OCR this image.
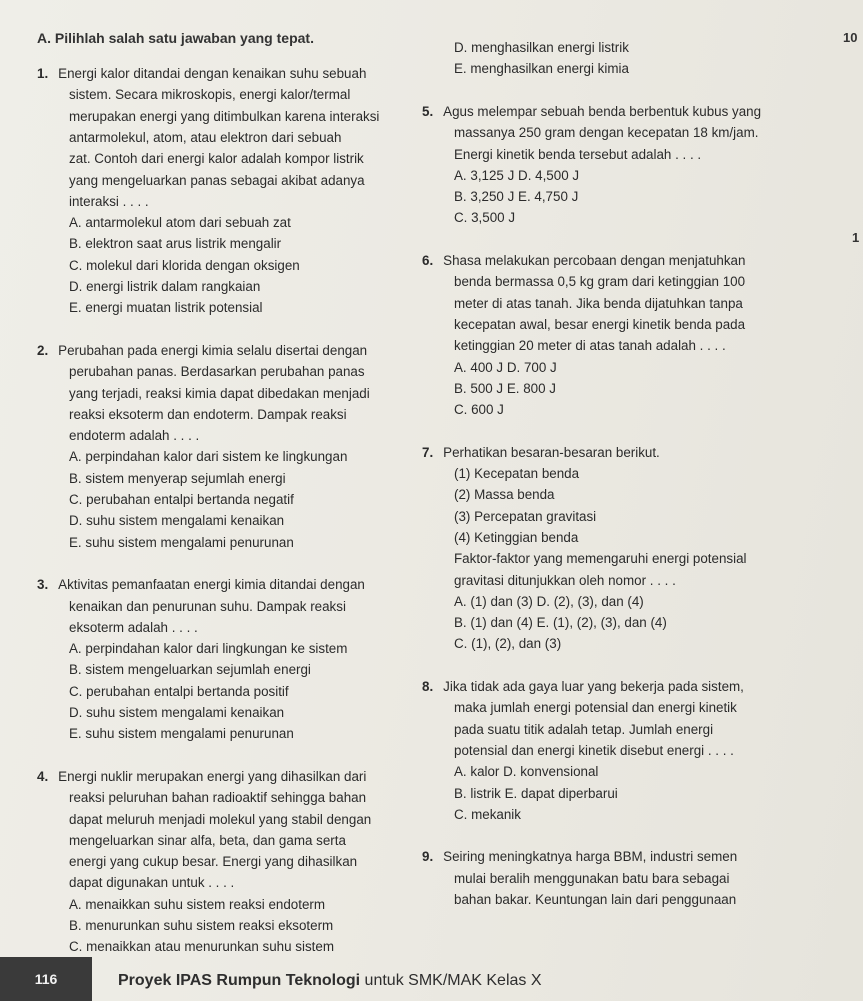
A. Pilihlah salah satu jawaban yang tepat.	10
1
1. Energi kalor ditandai dengan kenaikan suhu sebuah
sistem. Secara mikroskopis, energi kalor/termal
merupakan energi yang ditimbulkan karena interaksi
antarmolekul, atom, atau elektron dari sebuah
zat. Contoh dari energi kalor adalah kompor listrik
yang mengeluarkan panas sebagai akibat adanya
interaksi . . . .
A. antarmolekul atom dari sebuah zat
B. elektron saat arus listrik mengalir
C. molekul dari klorida dengan oksigen
D. energi listrik dalam rangkaian
E. energi muatan listrik potensial
2. Perubahan pada energi kimia selalu disertai dengan
perubahan panas. Berdasarkan perubahan panas
yang terjadi, reaksi kimia dapat dibedakan menjadi
reaksi eksoterm dan endoterm. Dampak reaksi
endoterm adalah . . . .
A. perpindahan kalor dari sistem ke lingkungan
B. sistem menyerap sejumlah energi
C. perubahan entalpi bertanda negatif
D. suhu sistem mengalami kenaikan
E. suhu sistem mengalami penurunan
3. Aktivitas pemanfaatan energi kimia ditandai dengan
kenaikan dan penurunan suhu. Dampak reaksi
eksoterm adalah . . . .
A. perpindahan kalor dari lingkungan ke sistem
B. sistem mengeluarkan sejumlah energi
C. perubahan entalpi bertanda positif
D. suhu sistem mengalami kenaikan
E. suhu sistem mengalami penurunan
4. Energi nuklir merupakan energi yang dihasilkan dari
reaksi peluruhan bahan radioaktif sehingga bahan
dapat meluruh menjadi molekul yang stabil dengan
mengeluarkan sinar alfa, beta, dan gama serta
energi yang cukup besar. Energi yang dihasilkan
dapat digunakan untuk . . . .
A. menaikkan suhu sistem reaksi endoterm
B. menurunkan suhu sistem reaksi eksoterm
C. menaikkan atau menurunkan suhu sistem
D. menghasilkan energi listrik
E. menghasilkan energi kimia
5. Agus melempar sebuah benda berbentuk kubus yang
massanya 250 gram dengan kecepatan 18 km/jam.
Energi kinetik benda tersebut adalah . . . .
A. 3,125 J D. 4,500 J
B. 3,250 J E. 4,750 J
C. 3,500 J
6. Shasa melakukan percobaan dengan menjatuhkan
benda bermassa 0,5 kg gram dari ketinggian 100
meter di atas tanah. Jika benda dijatuhkan tanpa
kecepatan awal, besar energi kinetik benda pada
ketinggian 20 meter di atas tanah adalah . . . .
A. 400 J D. 700 J
B. 500 J E. 800 J
C. 600 J
7. Perhatikan besaran-besaran berikut.
(1) Kecepatan benda
(2) Massa benda
(3) Percepatan gravitasi
(4) Ketinggian benda
Faktor-faktor yang memengaruhi energi potensial
gravitasi ditunjukkan oleh nomor . . . .
A. (1) dan (3) D. (2), (3), dan (4)
B. (1) dan (4) E. (1), (2), (3), dan (4)
C. (1), (2), dan (3)
8. Jika tidak ada gaya luar yang bekerja pada sistem,
maka jumlah energi potensial dan energi kinetik
pada suatu titik adalah tetap. Jumlah energi
potensial dan energi kinetik disebut energi . . . .
A. kalor D. konvensional
B. listrik E. dapat diperbarui
C. mekanik
9. Seiring meningkatnya harga BBM, industri semen
mulai beralih menggunakan batu bara sebagai
bahan bakar. Keuntungan lain dari penggunaan
116	Proyek IPAS Rumpun Teknologi untuk SMK/MAK Kelas X
